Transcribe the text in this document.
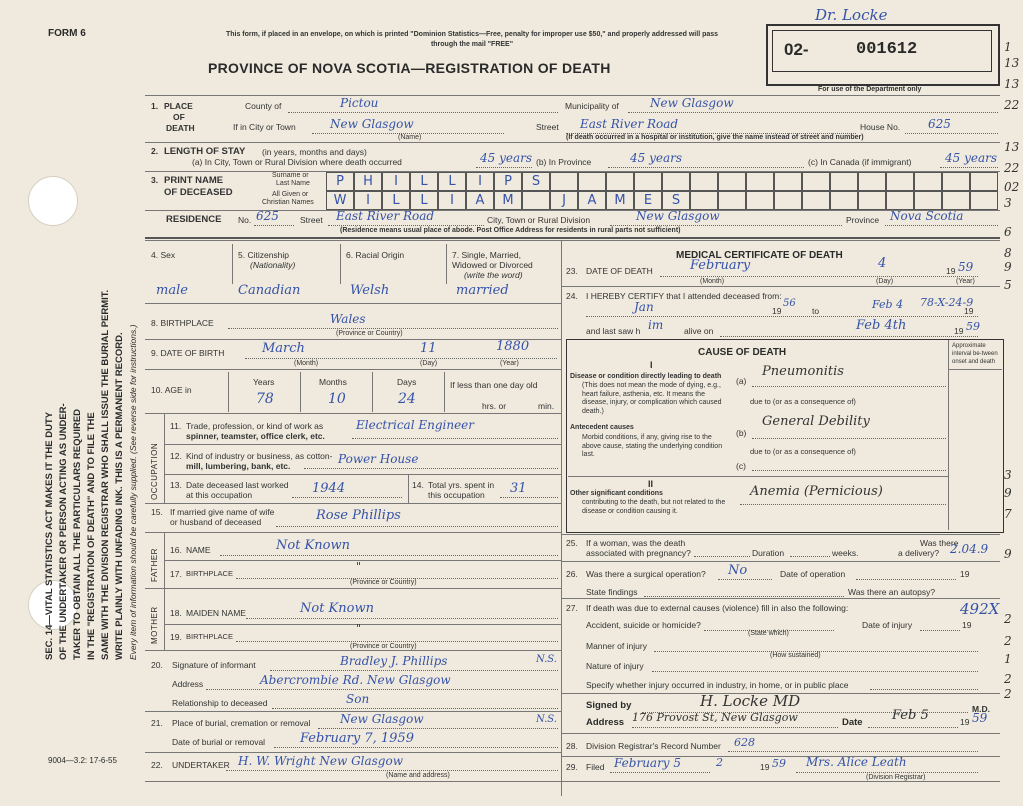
SEC. 14—VITAL STATISTICS ACT MAKES IT THE DUTY OF THE UNDERTAKER OR PERSON ACTING AS UNDER- TAKER TO OBTAIN ALL THE PARTICULARS REQUIRED IN THE "REGISTRATION OF DEATH" AND TO FILE THE SAME WITH THE DIVISION REGISTRAR WHO SHALL ISSUE THE BURIAL PERMIT. WRITE PLAINLY WITH UNFADING INK. THIS IS A PERMANENT RECORD. Every item of information should be carefully supplied. (See reverse side for instructions.)
FORM 6	This form, if placed in an envelope, on which is printed "Dominion Statistics—Free, penalty for improper use $50," and properly addressed will pass through the mail "FREE"
PROVINCE OF NOVA SCOTIA—REGISTRATION OF DEATH
Dr. Locke
02-	001612
For use of the Department only
1. PLACE
OF
DEATH
County of	Pictou	Municipality of	New Glasgow
If in City or Town	New Glasgow
(Name)
Street East River Road	House No. 625
(If death occurred in a hospital or institution, give the name instead of street and number)
2. LENGTH OF STAY (in years, months and days)
(a) In City, Town or Rural Division where death occurred	45 years (b) In Province	45 years	(c) In Canada (if immigrant)	45 years
3. PRINT NAME
OF DECEASED
Surname or
Last Name
All Given or
Christian Names
P	H	I	L	L	I	P	S
W	I	L	L	I	A	M	J	A	M	E	S
RESIDENCE No. 625 Street East River Road	City, Town or Rural Division	New Glasgow	Province Nova Scotia
(Residence means usual place of abode. Post Office Address for residents in rural parts not sufficient)
4. Sex	5. Citizenship
(Nationality)
6. Racial Origin	7. Single, Married,
Widowed or Divorced
(write the word)
male	Canadian	Welsh	married
8. BIRTHPLACE	Wales
(Province or Country)
9. DATE OF BIRTH	March	11	1880
(Month)	(Day)	(Year)
10. AGE in
Years	Months	Days
78	10	24
If less than one day old
hrs. or	min.
OCCUPATION
11. Trade, profession, or kind of work as
spinner, teamster, office clerk, etc.
Electrical Engineer
12. Kind of industry or business, as cotton-
mill, lumbering, bank, etc.	Power House
13. Date deceased last worked
at this occupation	1944	14. Total yrs. spent in
this occupation 31
15. If married give name of wife
or husband of deceased	Rose Phillips
FATHER 16. NAME	Not Known
17. BIRTHPLACE
"
(Province or Country)
MOTHER 18. MAIDEN NAME	Not Known
19. BIRTHPLACE
"
(Province or Country)
20. Signature of informant	Bradley J. Phillips	N.S.
Address	Abercrombie Rd. New Glasgow
Relationship to deceased	Son
21. Place of burial, cremation or removal New Glasgow	N.S.
Date of burial or removal	February 7, 1959
22. UNDERTAKER H. W. Wright New Glasgow
(Name and address)
MEDICAL CERTIFICATE OF DEATH
23. DATE OF DEATH	February	4	19 59
(Month)	(Day)	(Year)
24. I HEREBY CERTIFY that I attended deceased from:
Jan	19
56
to	Feb 4 78-X-24-9
19
and last saw h im alive on	Feb 4th	19 59
CAUSE OF DEATH
Approximate interval be-tween onset and death
I
Disease or condition directly leading to death
(This does not mean the mode of dying, e.g., heart failure, asthenia, etc. It means the disease, injury, or complication which caused death.)
(a)
Pneumonitis
due to (or as a consequence of)
Antecedent causes
Morbid conditions, if any, giving rise to the above cause, stating the underlying condition last.
(b)
General Debility
due to (or as a consequence of)
(c)
II
Other significant conditions
contributing to the death, but not related to the disease or condition causing it.
Anemia (Pernicious)
25. If a woman, was the death
associated with pregnancy?	Duration	weeks.
Was there
a delivery? 2.04.9
26. Was there a surgical operation? No	Date of operation	19
State findings	Was there an autopsy?
27. If death was due to external causes (violence) fill in also the following:	492X
Accident, suicide or homicide?
(State which)
Date of injury	19
Manner of injury
(How sustained)
Nature of injury
Specify whether injury occurred in industry, in home, or in public place
Signed by	H. Locke MD	M.D.
Address 176 Provost St, New Glasgow	Date Feb 5	19 59
28. Division Registrar's Record Number 628
29. Filed February 5	2	19 59 Mrs. Alice Leath
(Division Registrar)
9004—3.2: 17-6-55
1
13
13
22
13
22
02
3
6
8
9
5
3
9
7
9
2
2
1
2
2
